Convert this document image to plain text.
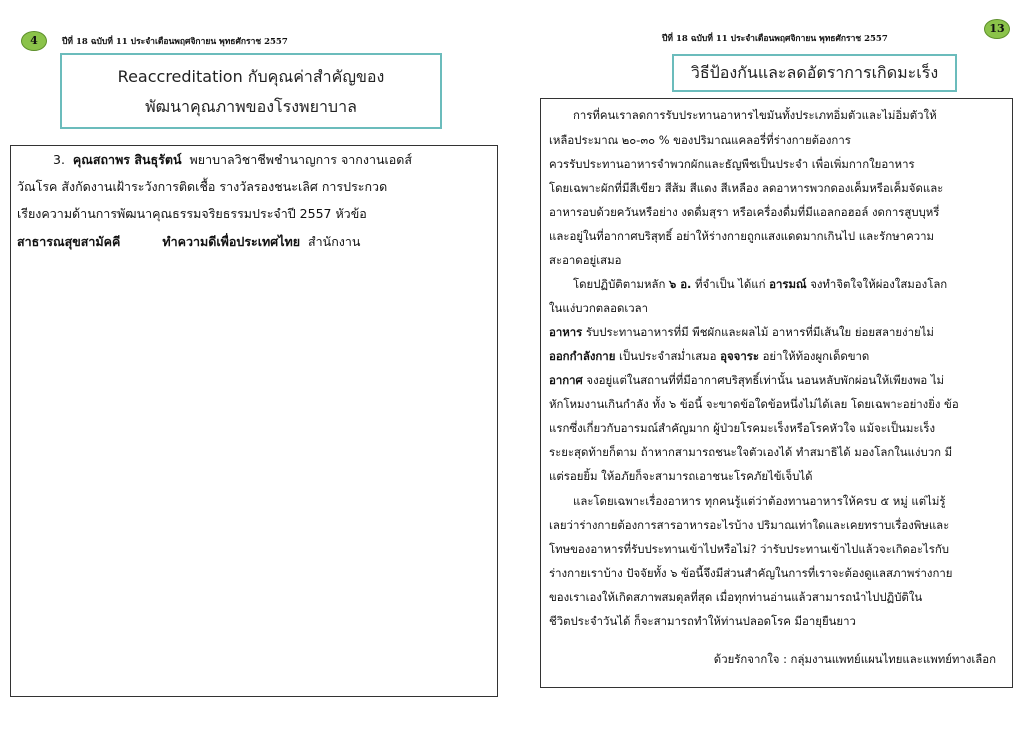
4	ปีที่ 18 ฉบับที่ 11 ประจำเดือนพฤศจิกายน พุทธศักราช 2557
Reaccreditation กับคุณค่าสำคัญของ
พัฒนาคุณภาพของโรงพยาบาล
3. คุณสถาพร สินธุรัตน์ พยาบาลวิชาชีพชำนาญการ จากงานเอดส์
วัณโรค สังกัดงานเฝ้าระวังการติดเชื้อ รางวัลรองชนะเลิศ การประกวด
เรียงความด้านการพัฒนาคุณธรรมจริยธรรมประจำปี 2557 หัวข้อ
สาธารณสุขสามัคคี	ทำความดีเพื่อประเทศไทย สำนักงาน
13
ปีที่ 18 ฉบับที่ 11 ประจำเดือนพฤศจิกายน พุทธศักราช 2557
วิธีป้องกันและลดอัตราการเกิดมะเร็ง
การที่คนเราลดการรับประทานอาหารไขมันทั้งประเภทอิ่มตัวและไม่อิ่มตัวให้
เหลือประมาณ ๒๐-๓๐ % ของปริมาณแคลอรี่ที่ร่างกายต้องการ
ควรรับประทานอาหารจำพวกผักและธัญพืชเป็นประจำ เพื่อเพิ่มกากใยอาหาร
โดยเฉพาะผักที่มีสีเขียว สีส้ม สีแดง สีเหลือง ลดอาหารพวกดองเค็มหรือเค็มจัดและ
อาหารอบด้วยควันหรือย่าง งดดื่มสุรา หรือเครื่องดื่มที่มีแอลกอฮอล์ งดการสูบบุหรี่
และอยู่ในที่อากาศบริสุทธิ์ อย่าให้ร่างกายถูกแสงแดดมากเกินไป และรักษาความ
สะอาดอยู่เสมอ
โดยปฏิบัติตามหลัก ๖ อ. ที่จำเป็น ได้แก่ อารมณ์ จงทำจิตใจให้ผ่องใสมองโลก
ในแง่บวกตลอดเวลา
อาหาร รับประทานอาหารที่มี พืชผักและผลไม้ อาหารที่มีเส้นใย ย่อยสลายง่ายไม่
ออกกำลังกาย เป็นประจำสม่ำเสมอ อุจจาระ อย่าให้ท้องผูกเด็ดขาด
อากาศ จงอยู่แต่ในสถานที่ที่มีอากาศบริสุทธิ์เท่านั้น นอนหลับพักผ่อนให้เพียงพอ ไม่
หักโหมงานเกินกำลัง ทั้ง ๖ ข้อนี้ จะขาดข้อใดข้อหนึ่งไม่ได้เลย โดยเฉพาะอย่างยิ่ง ข้อ
แรกซึ่งเกี่ยวกับอารมณ์สำคัญมาก ผู้ป่วยโรคมะเร็งหรือโรคหัวใจ แม้จะเป็นมะเร็ง
ระยะสุดท้ายก็ตาม ถ้าหากสามารถชนะใจตัวเองได้ ทำสมาธิได้ มองโลกในแง่บวก มี
แต่รอยยิ้ม ให้อภัยก็จะสามารถเอาชนะโรคภัยไข้เจ็บได้
และโดยเฉพาะเรื่องอาหาร ทุกคนรู้แต่ว่าต้องทานอาหารให้ครบ ๕ หมู่ แต่ไม่รู้
เลยว่าร่างกายต้องการสารอาหารอะไรบ้าง ปริมาณเท่าใดและเคยทราบเรื่องพิษและ
โทษของอาหารที่รับประทานเข้าไปหรือไม่? ว่ารับประทานเข้าไปแล้วจะเกิดอะไรกับ
ร่างกายเราบ้าง ปัจจัยทั้ง ๖ ข้อนี้จึงมีส่วนสำคัญในการที่เราจะต้องดูแลสภาพร่างกาย
ของเราเองให้เกิดสภาพสมดุลที่สุด เมื่อทุกท่านอ่านแล้วสามารถนำไปปฏิบัติใน
ชีวิตประจำวันได้ ก็จะสามารถทำให้ท่านปลอดโรค มีอายุยืนยาว
ด้วยรักจากใจ : กลุ่มงานแพทย์แผนไทยและแพทย์ทางเลือก
